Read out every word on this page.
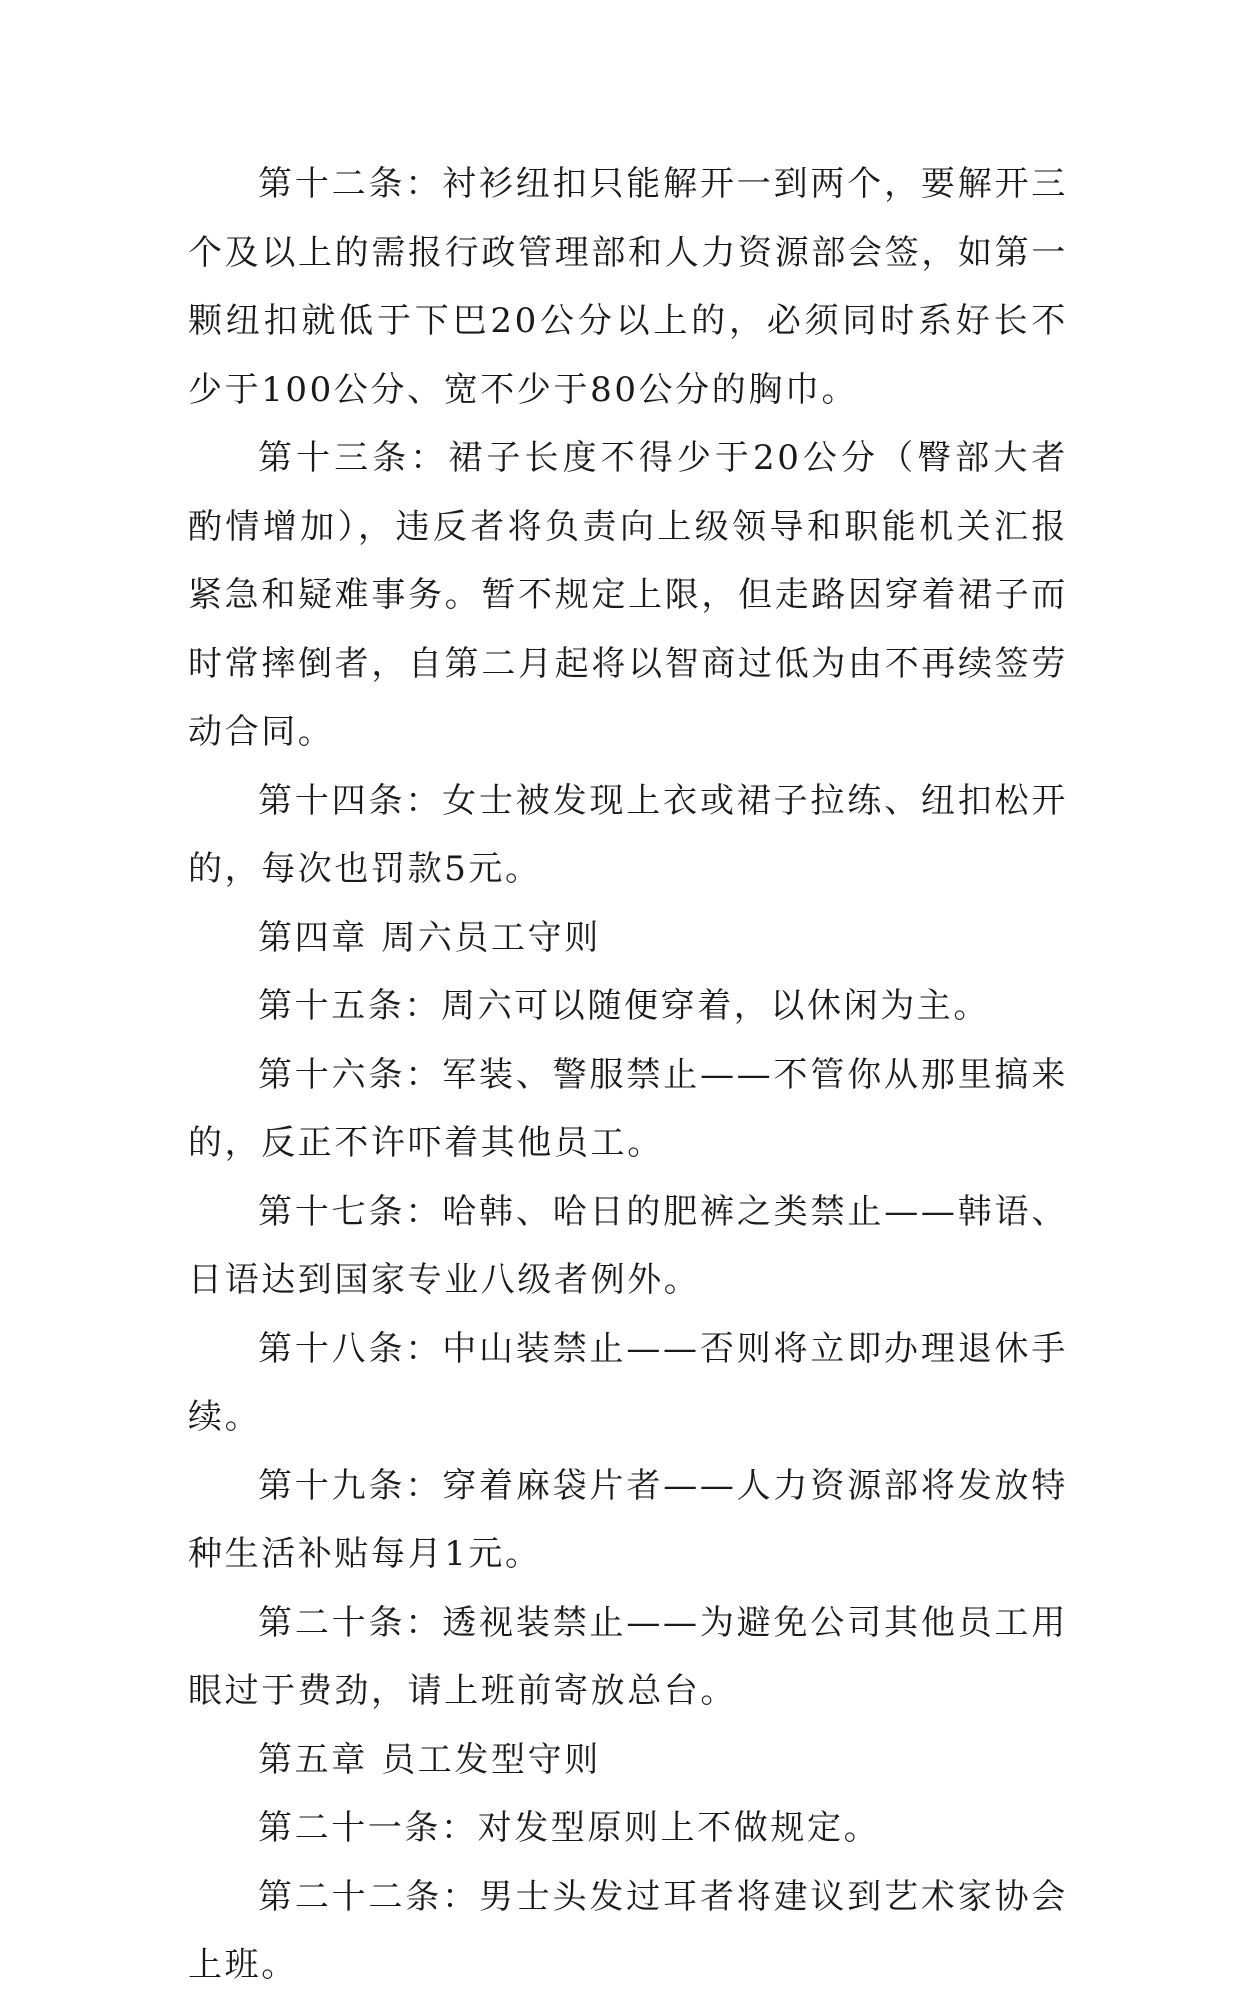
第十二条：衬衫纽扣只能解开一到两个，要解开三个及以上的需报行政管理部和人力资源部会签，如第一颗纽扣就低于下巴20公分以上的，必须同时系好长不少于100公分、宽不少于80公分的胸巾。

第十三条：裙子长度不得少于20公分（臀部大者酌情增加），违反者将负责向上级领导和职能机关汇报紧急和疑难事务。暂不规定上限，但走路因穿着裙子而时常摔倒者，自第二月起将以智商过低为由不再续签劳动合同。

第十四条：女士被发现上衣或裙子拉练、纽扣松开的，每次也罚款5元。

第四章 周六员工守则

第十五条：周六可以随便穿着，以休闲为主。

第十六条：军装、警服禁止——不管你从那里搞来的，反正不许吓着其他员工。

第十七条：哈韩、哈日的肥裤之类禁止——韩语、日语达到国家专业八级者例外。

第十八条：中山装禁止——否则将立即办理退休手续。

第十九条：穿着麻袋片者——人力资源部将发放特种生活补贴每月1元。

第二十条：透视装禁止——为避免公司其他员工用眼过于费劲，请上班前寄放总台。

第五章 员工发型守则

第二十一条：对发型原则上不做规定。

第二十二条：男士头发过耳者将建议到艺术家协会上班。
